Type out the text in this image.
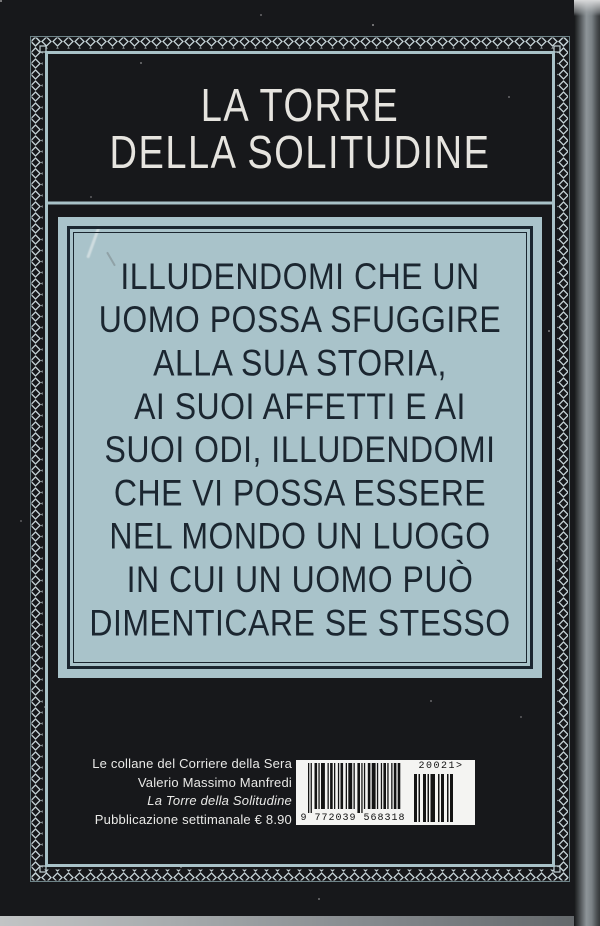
LA TORRE
DELLA SOLITUDINE
ILLUDENDOMI CHE UN
UOMO POSSA SFUGGIRE
ALLA SUA STORIA,
AI SUOI AFFETTI E AI
SUOI ODI, ILLUDENDOMI
CHE VI POSSA ESSERE
NEL MONDO UN LUOGO
IN CUI UN UOMO PUÒ
DIMENTICARE SE STESSO
Le collane del Corriere della Sera
Valerio Massimo Manfredi
La Torre della Solitudine
Pubblicazione settimanale € 8.90 9 772039 568318
20021>
